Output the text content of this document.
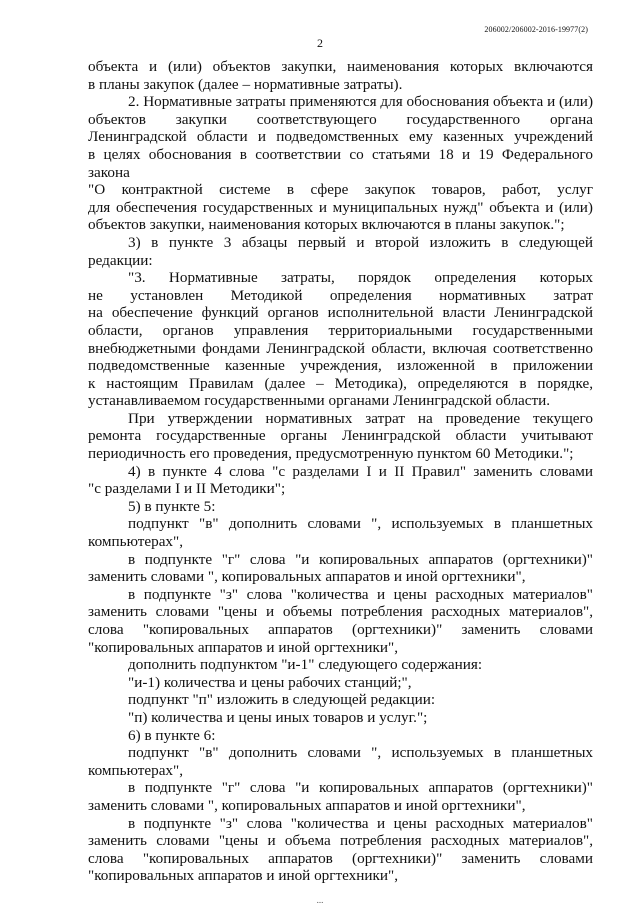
206002/206002-2016-19977(2)
2

объекта и (или) объектов закупки, наименования которых включаются

в планы закупок (далее – нормативные затраты).

2. Нормативные затраты применяются для обоснования объекта и (или)

объектов закупки соответствующего государственного органа

Ленинградской области и подведомственных ему казенных учреждений

в целях обоснования в соответствии со статьями 18 и 19 Федерального закона

"О контрактной системе в сфере закупок товаров, работ, услуг

для обеспечения государственных и муниципальных нужд" объекта и (или)

объектов закупки, наименования которых включаются в планы закупок.";

3) в пункте 3 абзацы первый и второй изложить в следующей редакции:

"3. Нормативные затраты, порядок определения которых

не установлен Методикой определения нормативных затрат

на обеспечение функций органов исполнительной власти Ленинградской

области, органов управления территориальными государственными

внебюджетными фондами Ленинградской области, включая соответственно

подведомственные казенные учреждения, изложенной в приложении

к настоящим Правилам (далее – Методика), определяются в порядке,

устанавливаемом государственными органами Ленинградской области.

При утверждении нормативных затрат на проведение текущего

ремонта государственные органы Ленинградской области учитывают

периодичность его проведения, предусмотренную пунктом 60 Методики.";

4) в пункте 4 слова "с разделами I и II Правил" заменить словами

"с разделами I и II Методики";

5) в пункте 5:

подпункт "в" дополнить словами ", используемых в планшетных

компьютерах",

в подпункте "г" слова "и копировальных аппаратов (оргтехники)"

заменить словами ", копировальных аппаратов и иной оргтехники",

в подпункте "з" слова "количества и цены расходных материалов"

заменить словами "цены и объемы потребления расходных материалов",

слова "копировальных аппаратов (оргтехники)" заменить словами

"копировальных аппаратов и иной оргтехники",

дополнить подпунктом "и-1" следующего содержания:

"и-1) количества и цены рабочих станций;",

подпункт "п" изложить в следующей редакции:

"п) количества и цены иных товаров и услуг.";

6) в пункте 6:

подпункт "в" дополнить словами ", используемых в планшетных

компьютерах",

в подпункте "г" слова "и копировальных аппаратов (оргтехники)"

заменить словами ", копировальных аппаратов и иной оргтехники",

в подпункте "з" слова "количества и цены расходных материалов"

заменить словами "цены и объема потребления расходных материалов",

слова "копировальных аппаратов (оргтехники)" заменить словами

"копировальных аппаратов и иной оргтехники",

...
